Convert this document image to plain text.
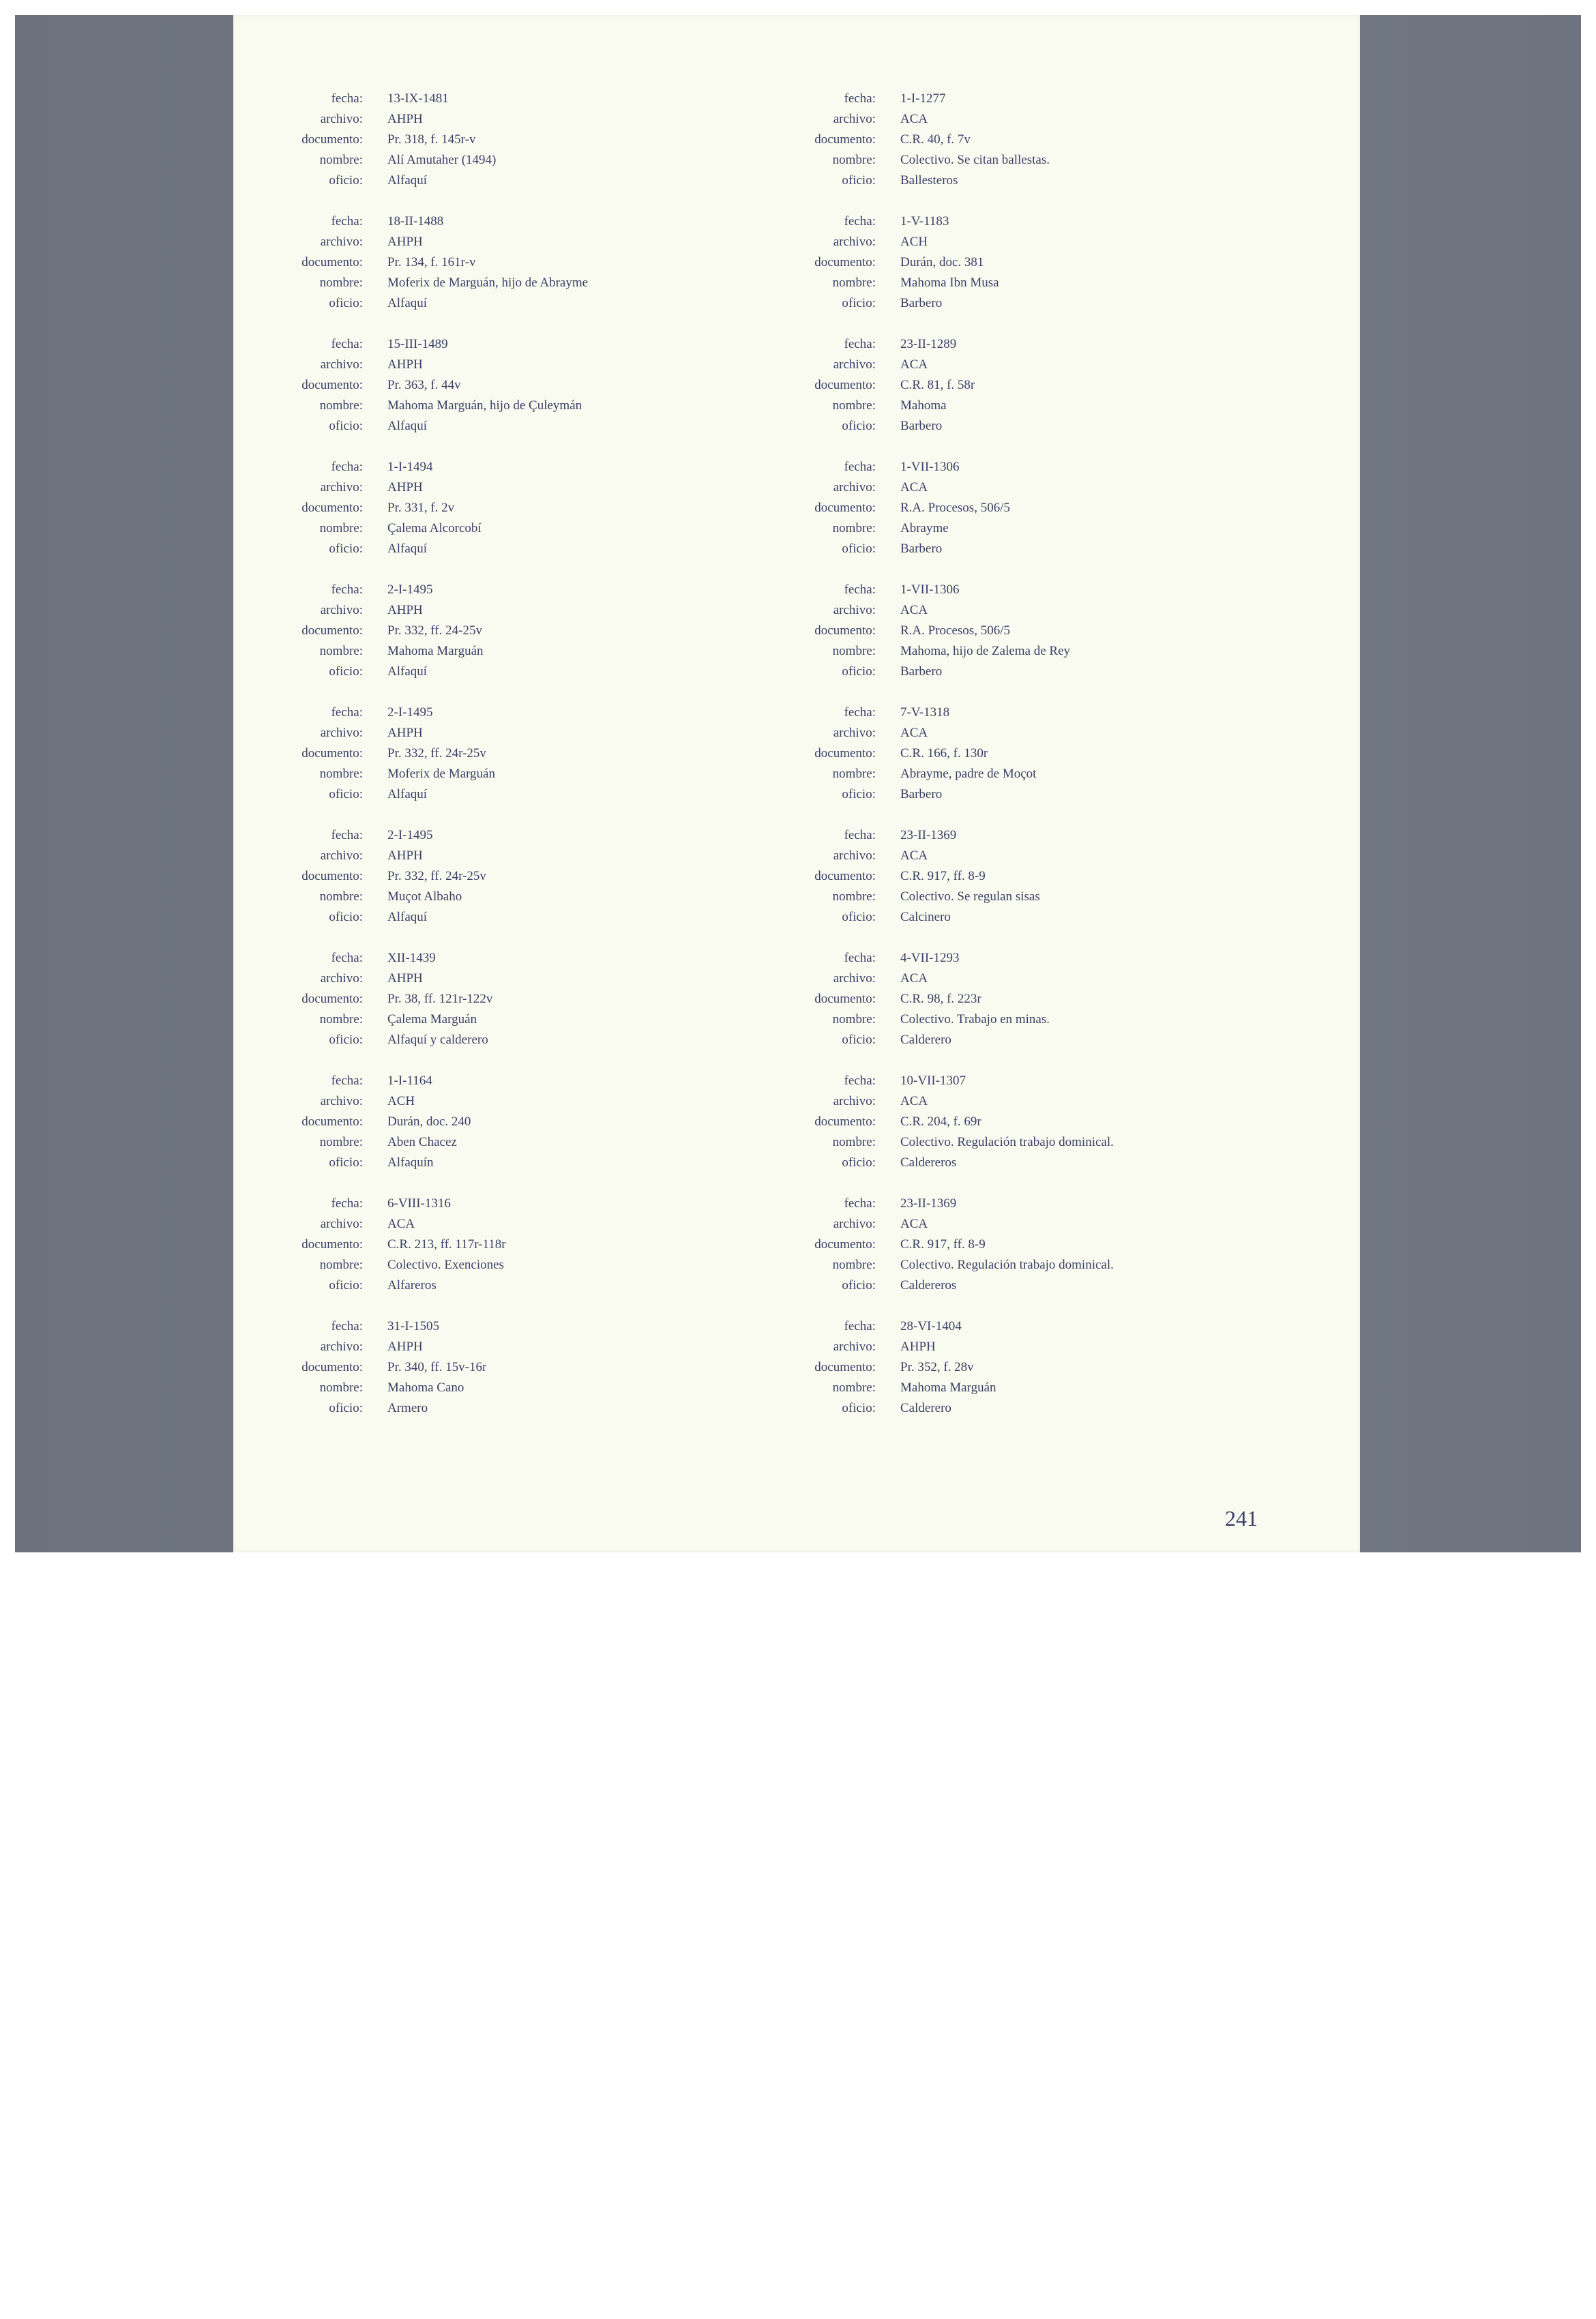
fecha:	13-IX-1481
archivo:	AHPH
documento:	Pr. 318, f. 145r-v
nombre:	Alí Amutaher (1494)
oficio:	Alfaquí
fecha:	18-II-1488
archivo:	AHPH
documento:	Pr. 134, f. 161r-v
nombre:	Moferix de Marguán, hijo de Abrayme
oficio:	Alfaquí
fecha:	15-III-1489
archivo:	AHPH
documento:	Pr. 363, f. 44v
nombre:	Mahoma Marguán, hijo de Çuleymán
oficio:	Alfaquí
fecha:	1-I-1494
archivo:	AHPH
documento:	Pr. 331, f. 2v
nombre:	Çalema Alcorcobí
oficio:	Alfaquí
fecha:	2-I-1495
archivo:	AHPH
documento:	Pr. 332, ff. 24-25v
nombre:	Mahoma Marguán
oficio:	Alfaquí
fecha:	2-I-1495
archivo:	AHPH
documento:	Pr. 332, ff. 24r-25v
nombre:	Moferix de Marguán
oficio:	Alfaquí
fecha:	2-I-1495
archivo:	AHPH
documento:	Pr. 332, ff. 24r-25v
nombre:	Muçot Albaho
oficio:	Alfaquí
fecha:	XII-1439
archivo:	AHPH
documento:	Pr. 38, ff. 121r-122v
nombre:	Çalema Marguán
oficio:	Alfaquí y calderero
fecha:	1-I-1164
archivo:	ACH
documento:	Durán, doc. 240
nombre:	Aben Chacez
oficio:	Alfaquín
fecha:	6-VIII-1316
archivo:	ACA
documento:	C.R. 213, ff. 117r-118r
nombre:	Colectivo. Exenciones
oficio:	Alfareros
fecha:	31-I-1505
archivo:	AHPH
documento:	Pr. 340, ff. 15v-16r
nombre:	Mahoma Cano
oficio:	Armero
fecha:	1-I-1277
archivo:	ACA
documento:	C.R. 40, f. 7v
nombre:	Colectivo. Se citan ballestas.
oficio:	Ballesteros
fecha:	1-V-1183
archivo:	ACH
documento:	Durán, doc. 381
nombre:	Mahoma Ibn Musa
oficio:	Barbero
fecha:	23-II-1289
archivo:	ACA
documento:	C.R. 81, f. 58r
nombre:	Mahoma
oficio:	Barbero
fecha:	1-VII-1306
archivo:	ACA
documento:	R.A. Procesos, 506/5
nombre:	Abrayme
oficio:	Barbero
fecha:	1-VII-1306
archivo:	ACA
documento:	R.A. Procesos, 506/5
nombre:	Mahoma, hijo de Zalema de Rey
oficio:	Barbero
fecha:	7-V-1318
archivo:	ACA
documento:	C.R. 166, f. 130r
nombre:	Abrayme, padre de Moçot
oficio:	Barbero
fecha:	23-II-1369
archivo:	ACA
documento:	C.R. 917, ff. 8-9
nombre:	Colectivo. Se regulan sisas
oficio:	Calcinero
fecha:	4-VII-1293
archivo:	ACA
documento:	C.R. 98, f. 223r
nombre:	Colectivo. Trabajo en minas.
oficio:	Calderero
fecha:	10-VII-1307
archivo:	ACA
documento:	C.R. 204, f. 69r
nombre:	Colectivo. Regulación trabajo dominical.
oficio:	Caldereros
fecha:	23-II-1369
archivo:	ACA
documento:	C.R. 917, ff. 8-9
nombre:	Colectivo. Regulación trabajo dominical.
oficio:	Caldereros
fecha:	28-VI-1404
archivo:	AHPH
documento:	Pr. 352, f. 28v
nombre:	Mahoma Marguán
oficio:	Calderero
241
